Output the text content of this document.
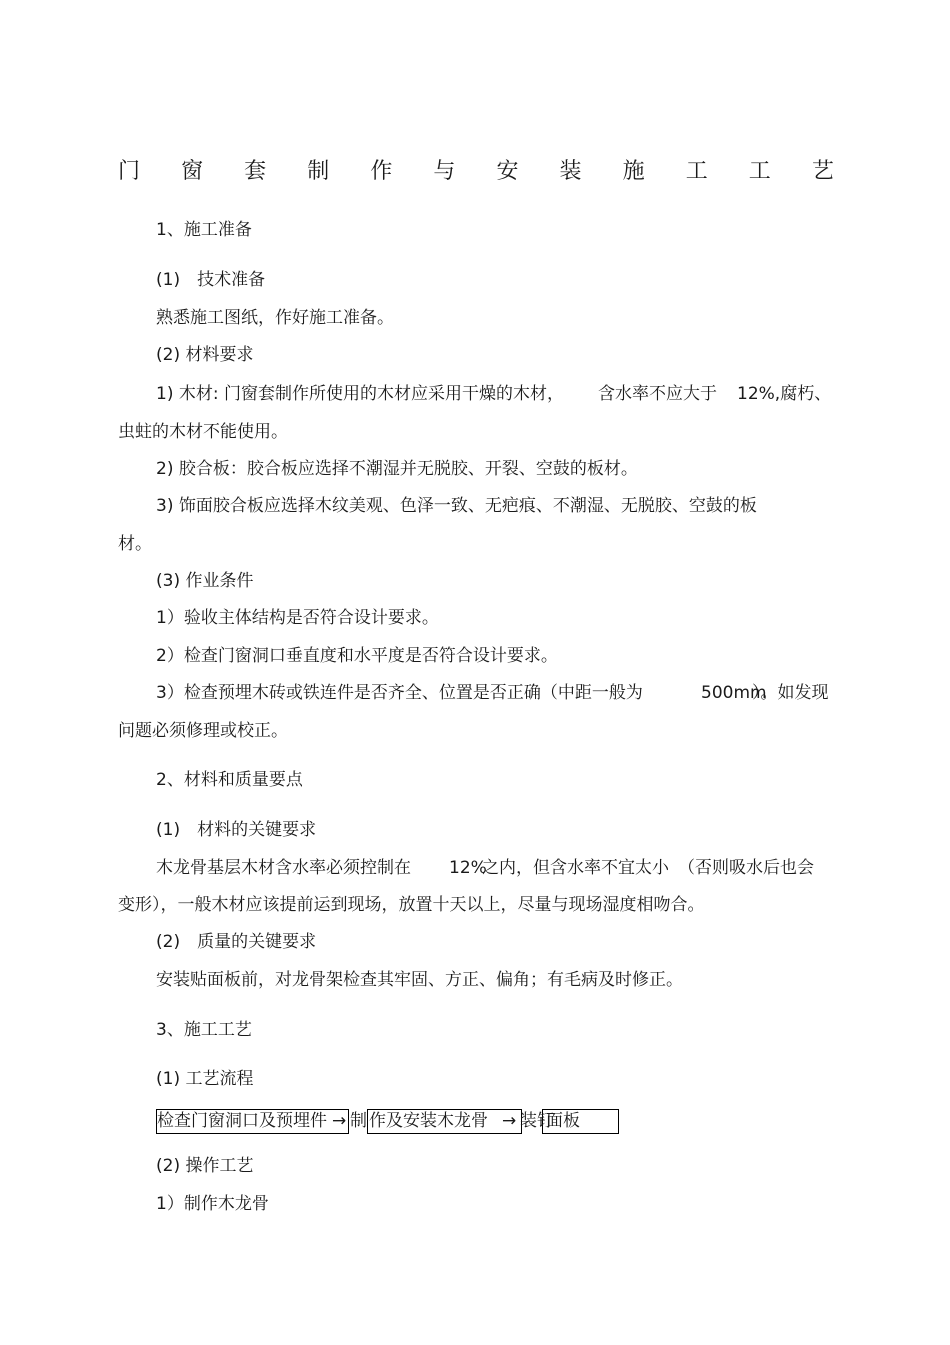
门 窗 套 制 作 与 安 装 施 工 工 艺
1、施工准备
(1)　技术准备
熟悉施工图纸，作好施工准备。
(2) 材料要求
1) 木材: 门窗套制作所使用的木材应采用干燥的木材， 含水率不应大于 12%,腐朽、
虫蛀的木材不能使用。
2) 胶合板：胶合板应选择不潮湿并无脱胶、开裂、空鼓的板材。
3) 饰面胶合板应选择木纹美观、色泽一致、无疤痕、不潮湿、无脱胶、空鼓的板
材。
(3) 作业条件
1）验收主体结构是否符合设计要求。
2）检查门窗洞口垂直度和水平度是否符合设计要求。
3）检查预埋木砖或铁连件是否齐全、位置是否正确（中距一般为	500mm
）。如发现
问题必须修理或校正。
2、材料和质量要点
(1)　材料的关键要求
木龙骨基层木材含水率必须控制在 12%
之内，但含水率不宜太小 （否则吸水后也会
变形），一般木材应该提前运到现场，放置十天以上，尽量与现场湿度相吻合。
(2)　质量的关键要求
安装贴面板前，对龙骨架检查其牢固、方正、偏角；有毛病及时修正。
3、施工工艺
(1) 工艺流程
检查门窗洞口及预埋件 → 制 作及安装木龙骨 → 装钉
面板
(2) 操作工艺
1）制作木龙骨
